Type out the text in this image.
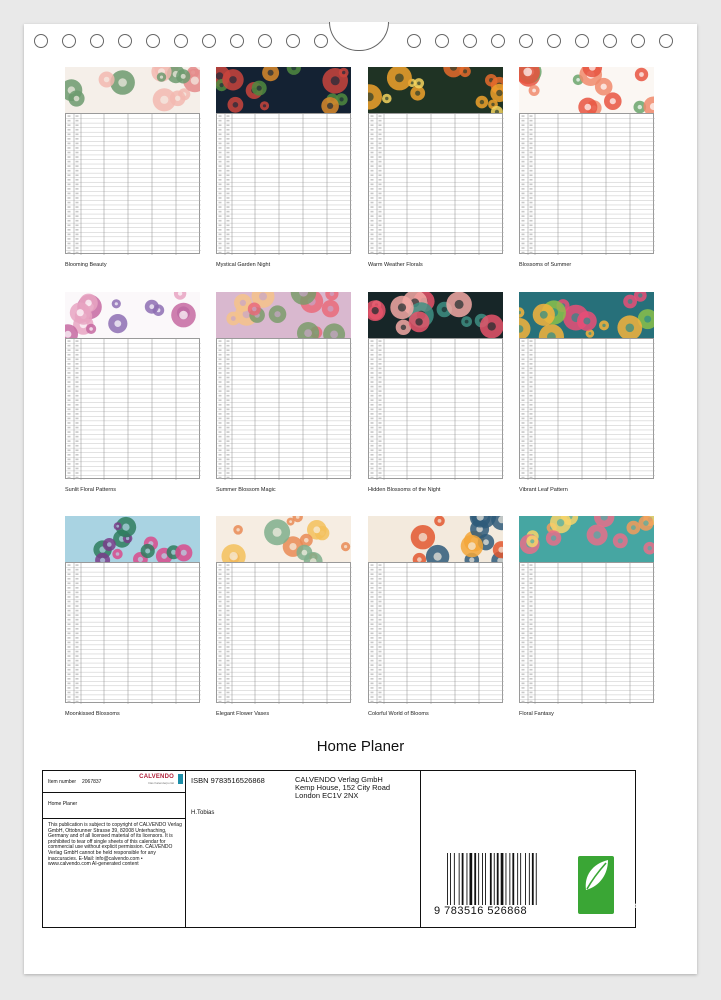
Blooming Beauty	Mystical Garden Night	Warm Weather Florals	Blossoms of Summer
Sunlit Floral Patterns	Summer Blossom Magic	Hidden Blossoms of the Night	Vibrant Leaf Pattern
Moonkissed Blossoms	Elegant Flower Vases	Colorful World of Blooms	Floral Fantasy
Home Planer
Item number 2067837
CALVENDO
Das Kalenderportal
Home Planer
This publication is subject to copyright of CALVENDO Verlag GmbH, Ottobrunner Strasse 39, 82008 Unterhaching, Germany and of all licensed material of its licensors. It is prohibited to tear off single sheets of this calendar for commercial use without explicit permission. CALVENDO Verlag GmbH cannot be held responsible for any inaccuracies. E-Mail: info@calvendo.com • www.calvendo.com AI-generated content
ISBN 9783516526868	CALVENDO Verlag GmbH
Kemp House, 152 City Road
London EC1V 2NX
H.Tobias
9 783516 526868	eco
